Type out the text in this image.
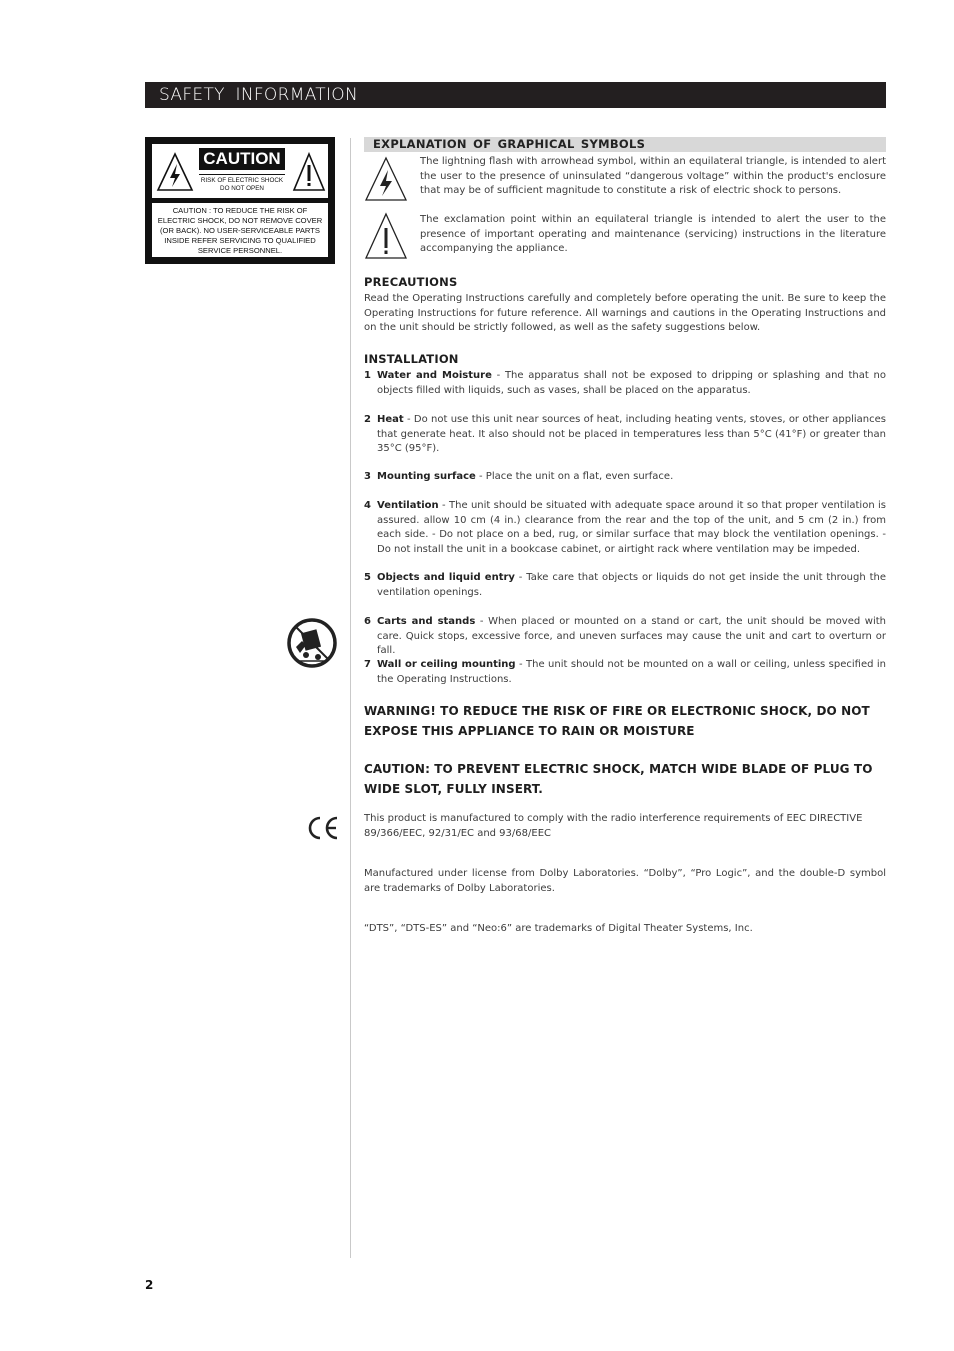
SAFETY INFORMATION
CAUTION
RISK OF ELECTRIC SHOCK DO NOT OPEN
CAUTION : TO REDUCE THE RISK OF ELECTRIC SHOCK, DO NOT REMOVE COVER (OR BACK). NO USER-SERVICEABLE PARTS INSIDE REFER SERVICING TO QUALIFIED SERVICE PERSONNEL.
EXPLANATION OF GRAPHICAL SYMBOLS
The lightning flash with arrowhead symbol, within an equilateral triangle, is intended to alert the user to the presence of uninsulated “dangerous voltage” within the product's enclosure that may be of sufficient magnitude to constitute a risk of electric shock to persons.
The exclamation point within an equilateral triangle is intended to alert the user to the presence of important operating and maintenance (servicing) instructions in the literature accompanying the appliance.
PRECAUTIONS
Read the Operating Instructions carefully and completely before operating the unit. Be sure to keep the Operating Instructions for future reference. All warnings and cautions in the Operating Instructions and on the unit should be strictly followed, as well as the safety suggestions below.
INSTALLATION
1 Water and Moisture - The apparatus shall not be exposed to dripping or splashing and that no objects filled with liquids, such as vases, shall be placed on the apparatus.
2 Heat - Do not use this unit near sources of heat, including heating vents, stoves, or other appliances that generate heat. It also should not be placed in temperatures less than 5°C (41°F) or greater than 35°C (95°F).
3 Mounting surface - Place the unit on a flat, even surface.
4 Ventilation - The unit should be situated with adequate space around it so that proper ventilation is assured. allow 10 cm (4 in.) clearance from the rear and the top of the unit, and 5 cm (2 in.) from each side. - Do not place on a bed, rug, or similar surface that may block the ventilation openings. - Do not install the unit in a bookcase cabinet, or airtight rack where ventilation may be impeded.
5 Objects and liquid entry - Take care that objects or liquids do not get inside the unit through the ventilation openings.
6 Carts and stands - When placed or mounted on a stand or cart, the unit should be moved with care. Quick stops, excessive force, and uneven surfaces may cause the unit and cart to overturn or fall.
7 Wall or ceiling mounting - The unit should not be mounted on a wall or ceiling, unless specified in the Operating Instructions.
WARNING! TO REDUCE THE RISK OF FIRE OR ELECTRONIC SHOCK, DO NOT EXPOSE THIS APPLIANCE TO RAIN OR MOISTURE
CAUTION: TO PREVENT ELECTRIC SHOCK, MATCH WIDE BLADE OF PLUG TO WIDE SLOT, FULLY INSERT.
This product is manufactured to comply with the radio interference requirements of EEC DIRECTIVE 89/366/EEC, 92/31/EC and 93/68/EEC
Manufactured under license from Dolby Laboratories. “Dolby”, “Pro Logic”, and the double-D symbol are trademarks of Dolby Laboratories.
“DTS”, “DTS-ES” and “Neo:6” are trademarks of Digital Theater Systems, Inc.
2
